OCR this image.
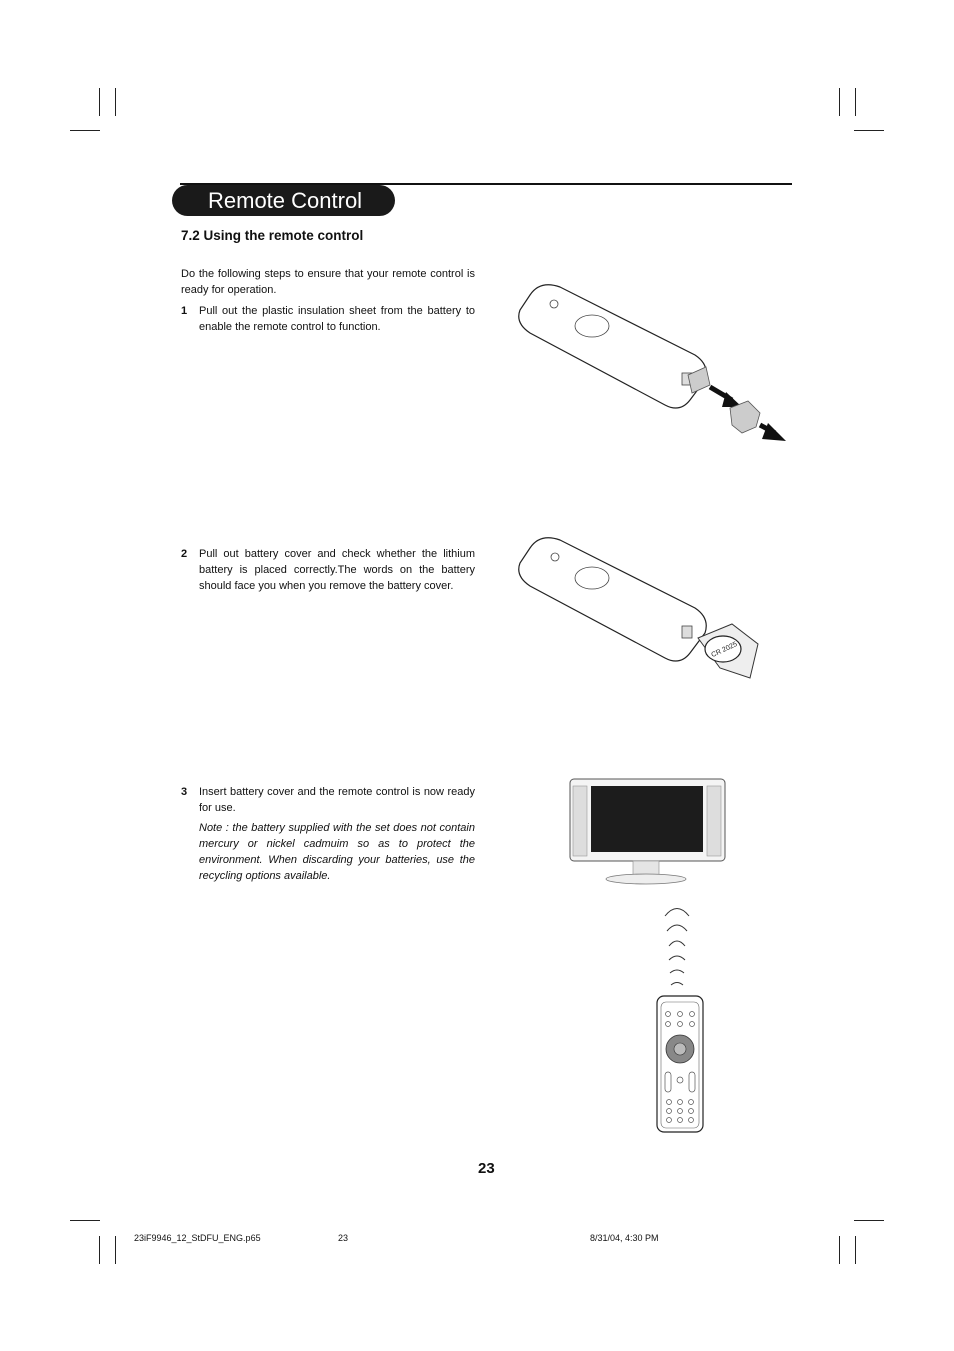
Remote Control
7.2 Using the remote control
Do the following steps to ensure that your remote control is ready for operation.
1 Pull out the plastic insulation sheet from the battery to enable the remote control to function.
2 Pull out battery cover and check whether the lithium battery is placed correctly.The words on the battery should face you when you remove the battery cover.
3 Insert battery cover and the remote control is now ready for use.
Note : the battery supplied with the set does not contain mercury or nickel cadmuim so as to protect the environment. When discarding your batteries, use the recycling options available.
CR 2025
23
23iF9946_12_StDFU_ENG.p65	23	8/31/04, 4:30 PM
